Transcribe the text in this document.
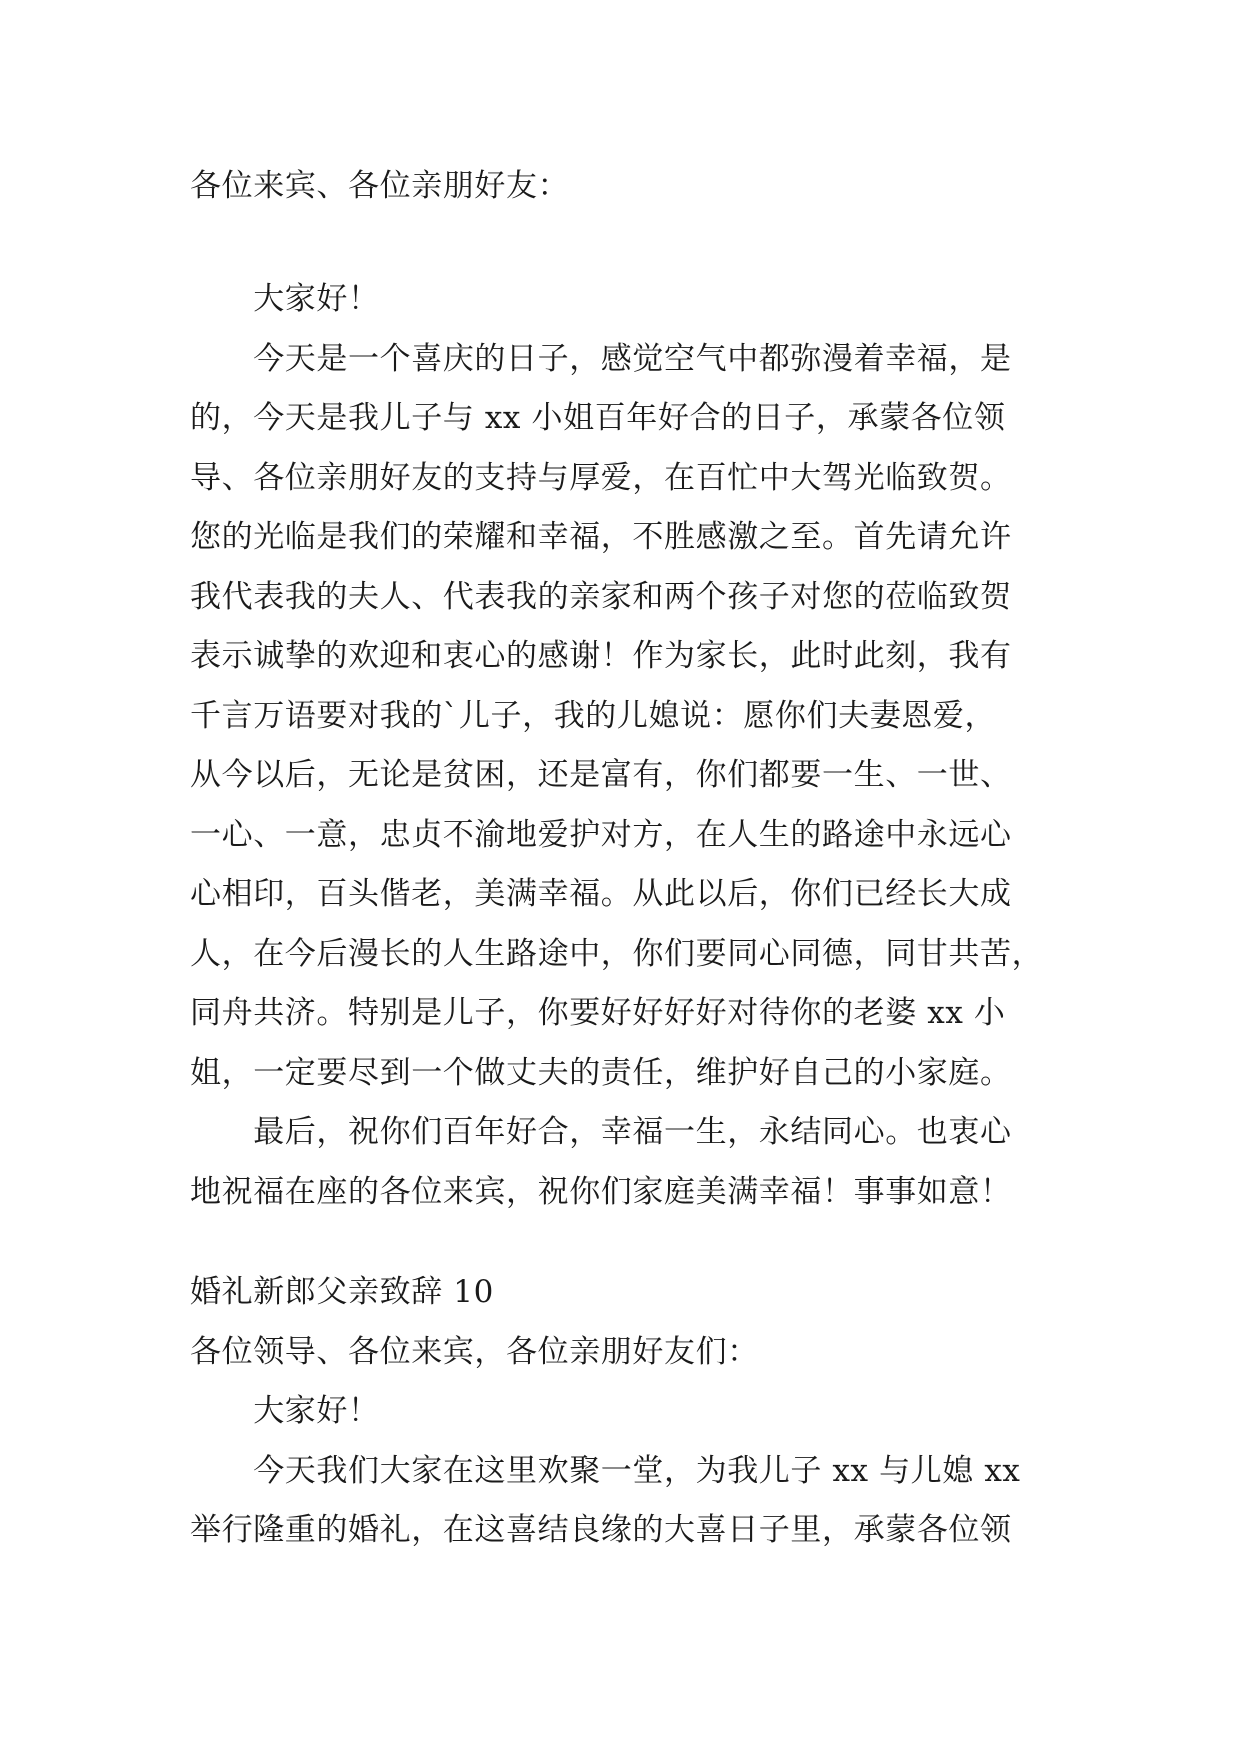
各位来宾、各位亲朋好友：

　　大家好！

　　今天是一个喜庆的日子，感觉空气中都弥漫着幸福，是

的，今天是我儿子与 xx 小姐百年好合的日子，承蒙各位领

导、各位亲朋好友的支持与厚爱，在百忙中大驾光临致贺。

您的光临是我们的荣耀和幸福，不胜感激之至。首先请允许

我代表我的夫人、代表我的亲家和两个孩子对您的莅临致贺

表示诚挚的欢迎和衷心的感谢！作为家长，此时此刻，我有

千言万语要对我的`儿子，我的儿媳说：愿你们夫妻恩爱，

从今以后，无论是贫困，还是富有，你们都要一生、一世、

一心、一意，忠贞不渝地爱护对方，在人生的路途中永远心

心相印，百头偕老，美满幸福。从此以后，你们已经长大成

人，在今后漫长的人生路途中，你们要同心同德，同甘共苦，

同舟共济。特别是儿子，你要好好好好对待你的老婆 xx 小

姐，一定要尽到一个做丈夫的责任，维护好自己的小家庭。

　　最后，祝你们百年好合，幸福一生，永结同心。也衷心

地祝福在座的各位来宾，祝你们家庭美满幸福！事事如意！

婚礼新郎父亲致辞 10

各位领导、各位来宾，各位亲朋好友们：

　　大家好！

　　今天我们大家在这里欢聚一堂，为我儿子 xx 与儿媳 xx

举行隆重的婚礼，在这喜结良缘的大喜日子里，承蒙各位领
